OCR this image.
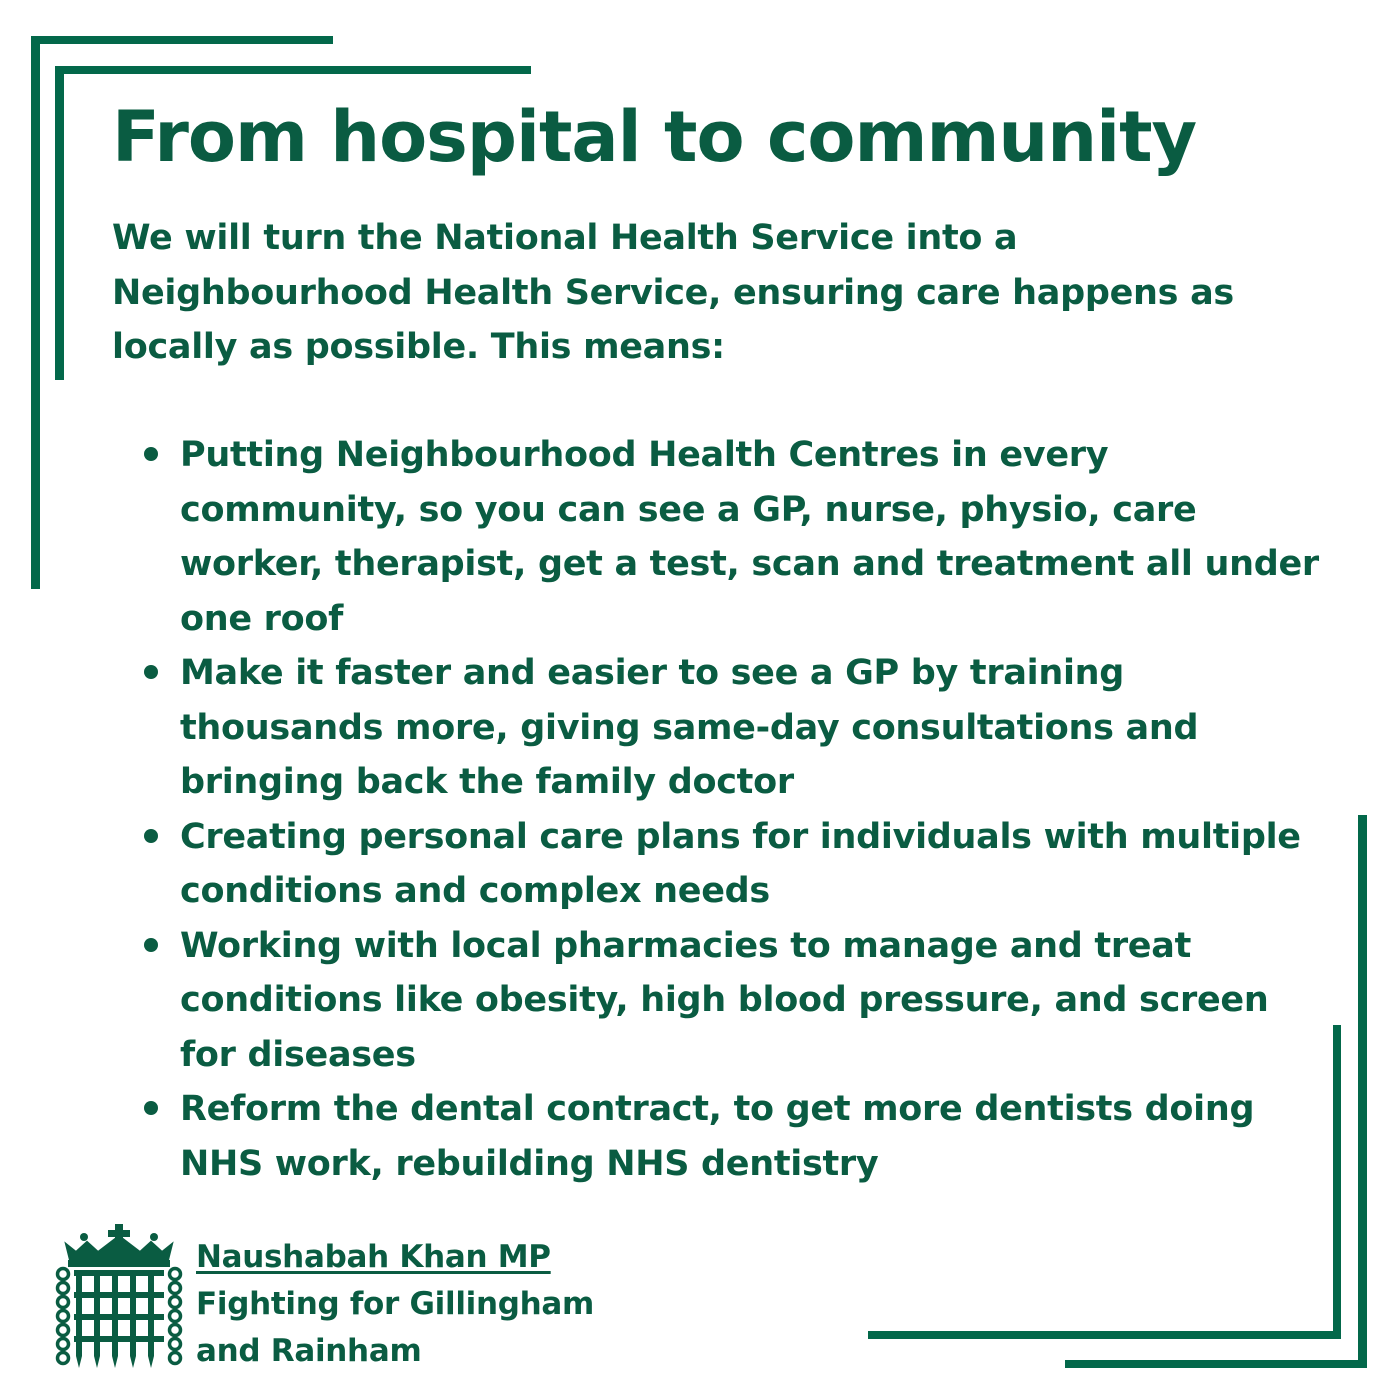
From hospital to community

We will turn the National Health Service into a Neighbourhood Health Service, ensuring care happens as locally as possible. This means:

Putting Neighbourhood Health Centres in every community, so you can see a GP, nurse, physio, care worker, therapist, get a test, scan and treatment all under one roof
Make it faster and easier to see a GP by training thousands more, giving same-day consultations and bringing back the family doctor
Creating personal care plans for individuals with multiple conditions and complex needs
Working with local pharmacies to manage and treat conditions like obesity, high blood pressure, and screen for diseases
Reform the dental contract, to get more dentists doing NHS work, rebuilding NHS dentistry
Naushabah Khan MP
Fighting for Gillingham
and Rainham
